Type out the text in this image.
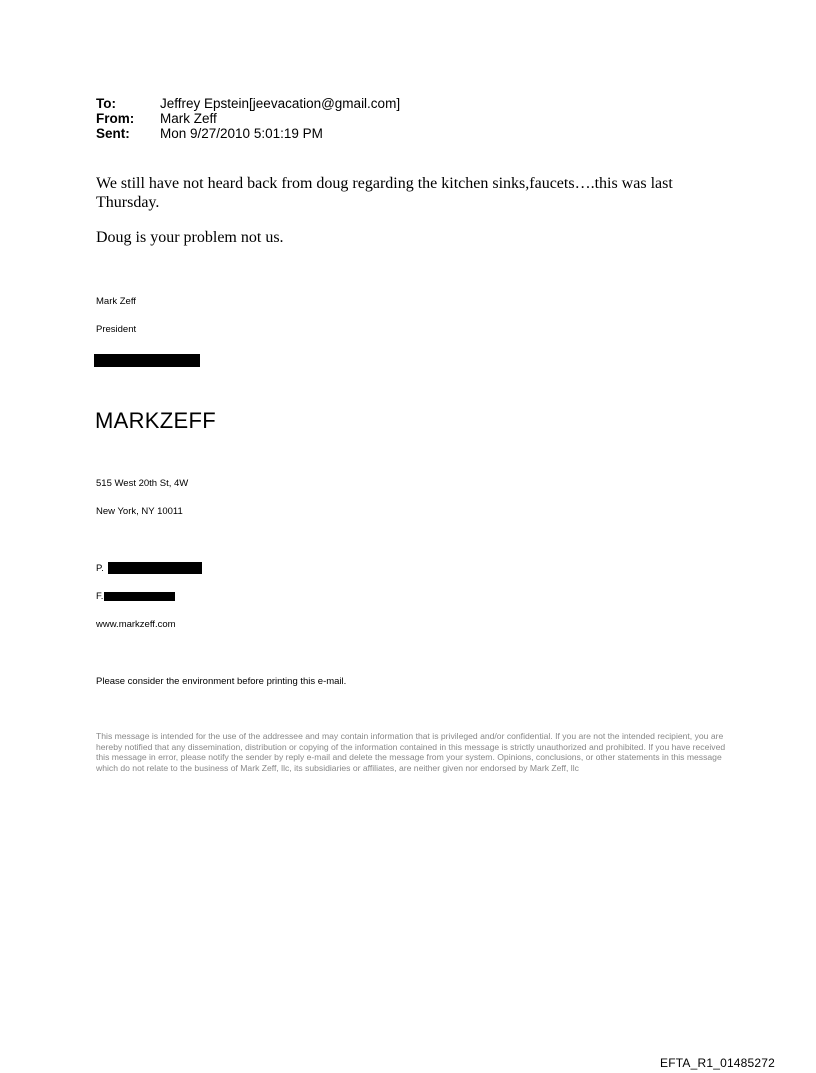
To:	Jeffrey Epstein[jeevacation@gmail.com]
From:	Mark Zeff
Sent:	Mon 9/27/2010 5:01:19 PM
We still have not heard back from doug regarding the kitchen sinks,faucets….this was last Thursday.
Doug is your problem not us.
Mark Zeff
President
MARKZEFF
515 West 20th St, 4W
New York, NY 10011
P.
F.
www.markzeff.com
Please consider the environment before printing this e-mail.
This message is intended for the use of the addressee and may contain information that is privileged and/or confidential. If you are not the intended recipient, you are hereby notified that any dissemination, distribution or copying of the information contained in this message is strictly unauthorized and prohibited. If you have received this message in error, please notify the sender by reply e-mail and delete the message from your system. Opinions, conclusions, or other statements in this message which do not relate to the business of Mark Zeff, llc, its subsidiaries or affiliates, are neither given nor endorsed by Mark Zeff, llc
EFTA_R1_01485272
